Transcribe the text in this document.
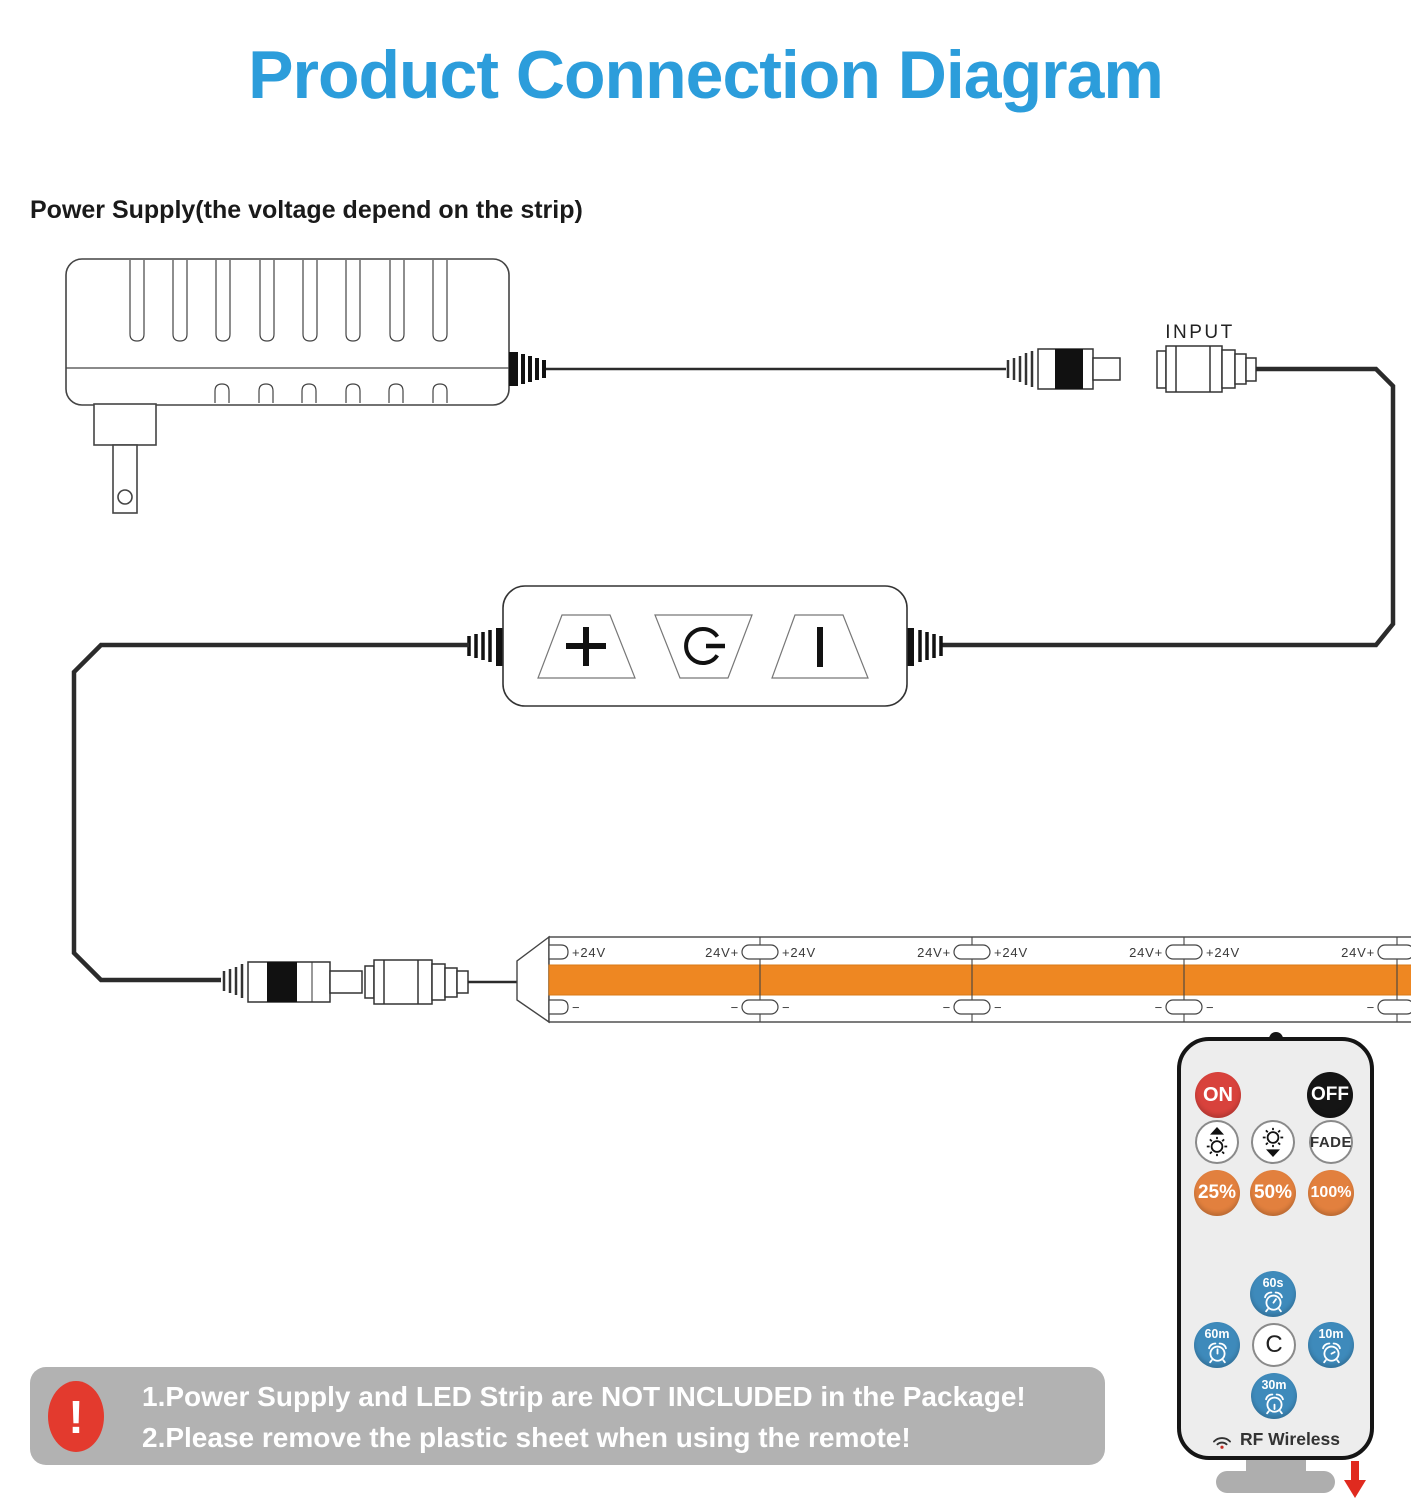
Product Connection Diagram
Power Supply(the voltage depend on the strip)
INPUT
+24V	+24V	+24V	+24V
24V+	24V+	24V+	24V+
−	−	−	−
−	−	−	−
ON	OFF
FADE
25% 50% 100%
60s
60m C	10m
30m
RF Wireless
! 1.Power Supply and LED Strip are NOT INCLUDED in the Package!
2.Please remove the plastic sheet when using the remote!
